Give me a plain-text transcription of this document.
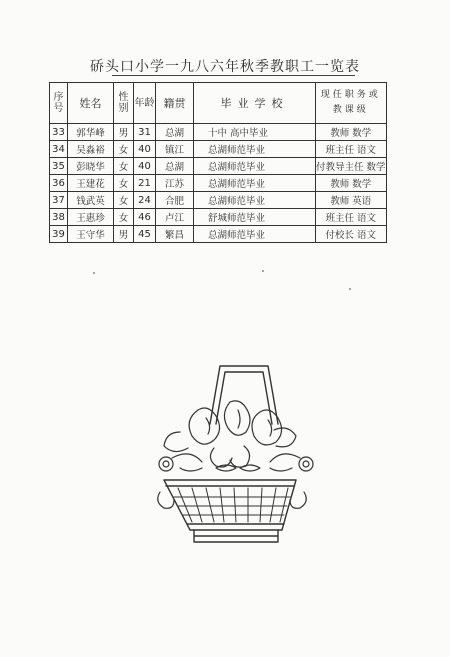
硚头口小学一九八六年秋季教职工一览表
序号	姓名	性别	年龄	籍贯	毕业学校	现任职务或教课级
33	郭华峰	男	31	总湖	十中 高中毕业	教师 数学
34	吴淼裕	女	40	镇江	总湖师范毕业	班主任 语文
35	彭晓华	女	40	总湖	总湖师范毕业	付教导主任 数学
36	王建花	女	21	江苏	总湖师范毕业	教师 数学
37	钱武英	女	24	合肥	总湖师范毕业	教师 英语
38	王惠珍	女	46	卢江	舒城师范毕业	班主任 语文
39	王守华	男	45	繁昌	总湖师范毕业	付校长 语文
